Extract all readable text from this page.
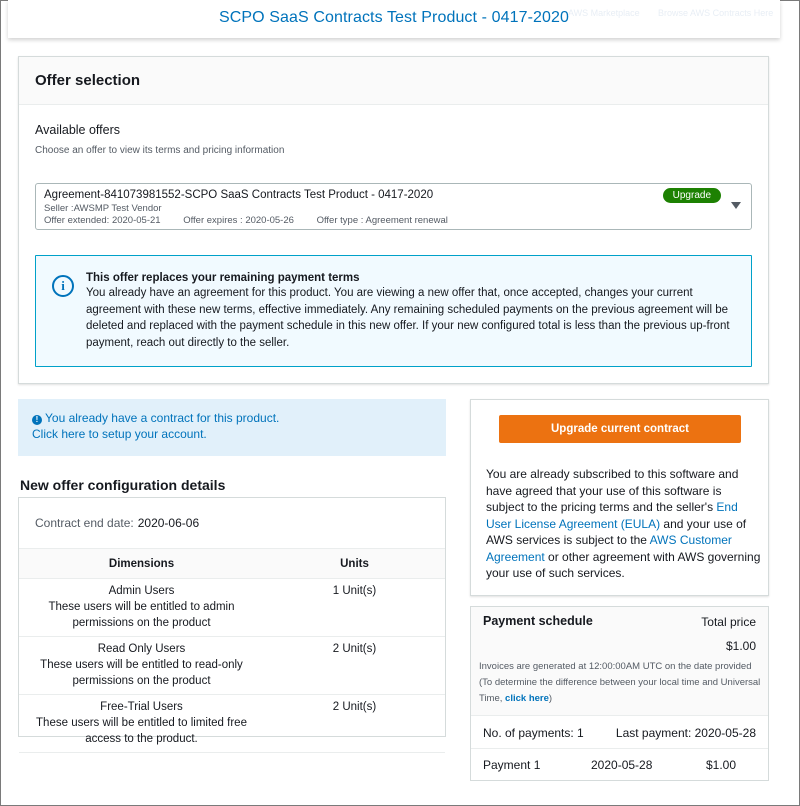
SCPO SaaS Contracts Test Product - 0417-2020
AWS Marketplace Browse AWS Contracts Here
Offer selection
Available offers
Choose an offer to view its terms and pricing information
Agreement-841073981552-SCPO SaaS Contracts Test Product - 0417-2020
Seller :AWSMP Test Vendor
Offer extended: 2020-05-21 Offer expires : 2020-05-26 Offer type : Agreement renewal
Upgrade
i	This offer replaces your remaining payment terms
You already have an agreement for this product. You are viewing a new offer that, once accepted, changes your current agreement with these new terms, effective immediately. Any remaining scheduled payments on the previous agreement will be deleted and replaced with the payment schedule in this new offer. If your new configured total is less than the previous up-front payment, reach out directly to the seller.
! You already have a contract for this product.
Click here to setup your account.
New offer configuration details
Contract end date: 2020-06-06
Dimensions	Units
Admin Users
These users will be entitled to admin permissions on the product	1 Unit(s)
Read Only Users
These users will be entitled to read-only permissions on the product	2 Unit(s)
Free-Trial Users
These users will be entitled to limited free access to the product.	2 Unit(s)
Upgrade current contract
You are already subscribed to this software and have agreed that your use of this software is subject to the pricing terms and the seller's End User License Agreement (EULA) and your use of AWS services is subject to the AWS Customer Agreement or other agreement with AWS governing your use of such services.
Payment schedule	Total price
$1.00
Invoices are generated at 12:00:00AM UTC on the date provided (To determine the difference between your local time and Universal Time, click here)
No. of payments: 1	Last payment: 2020-05-28
Payment 1	2020-05-28	$1.00
